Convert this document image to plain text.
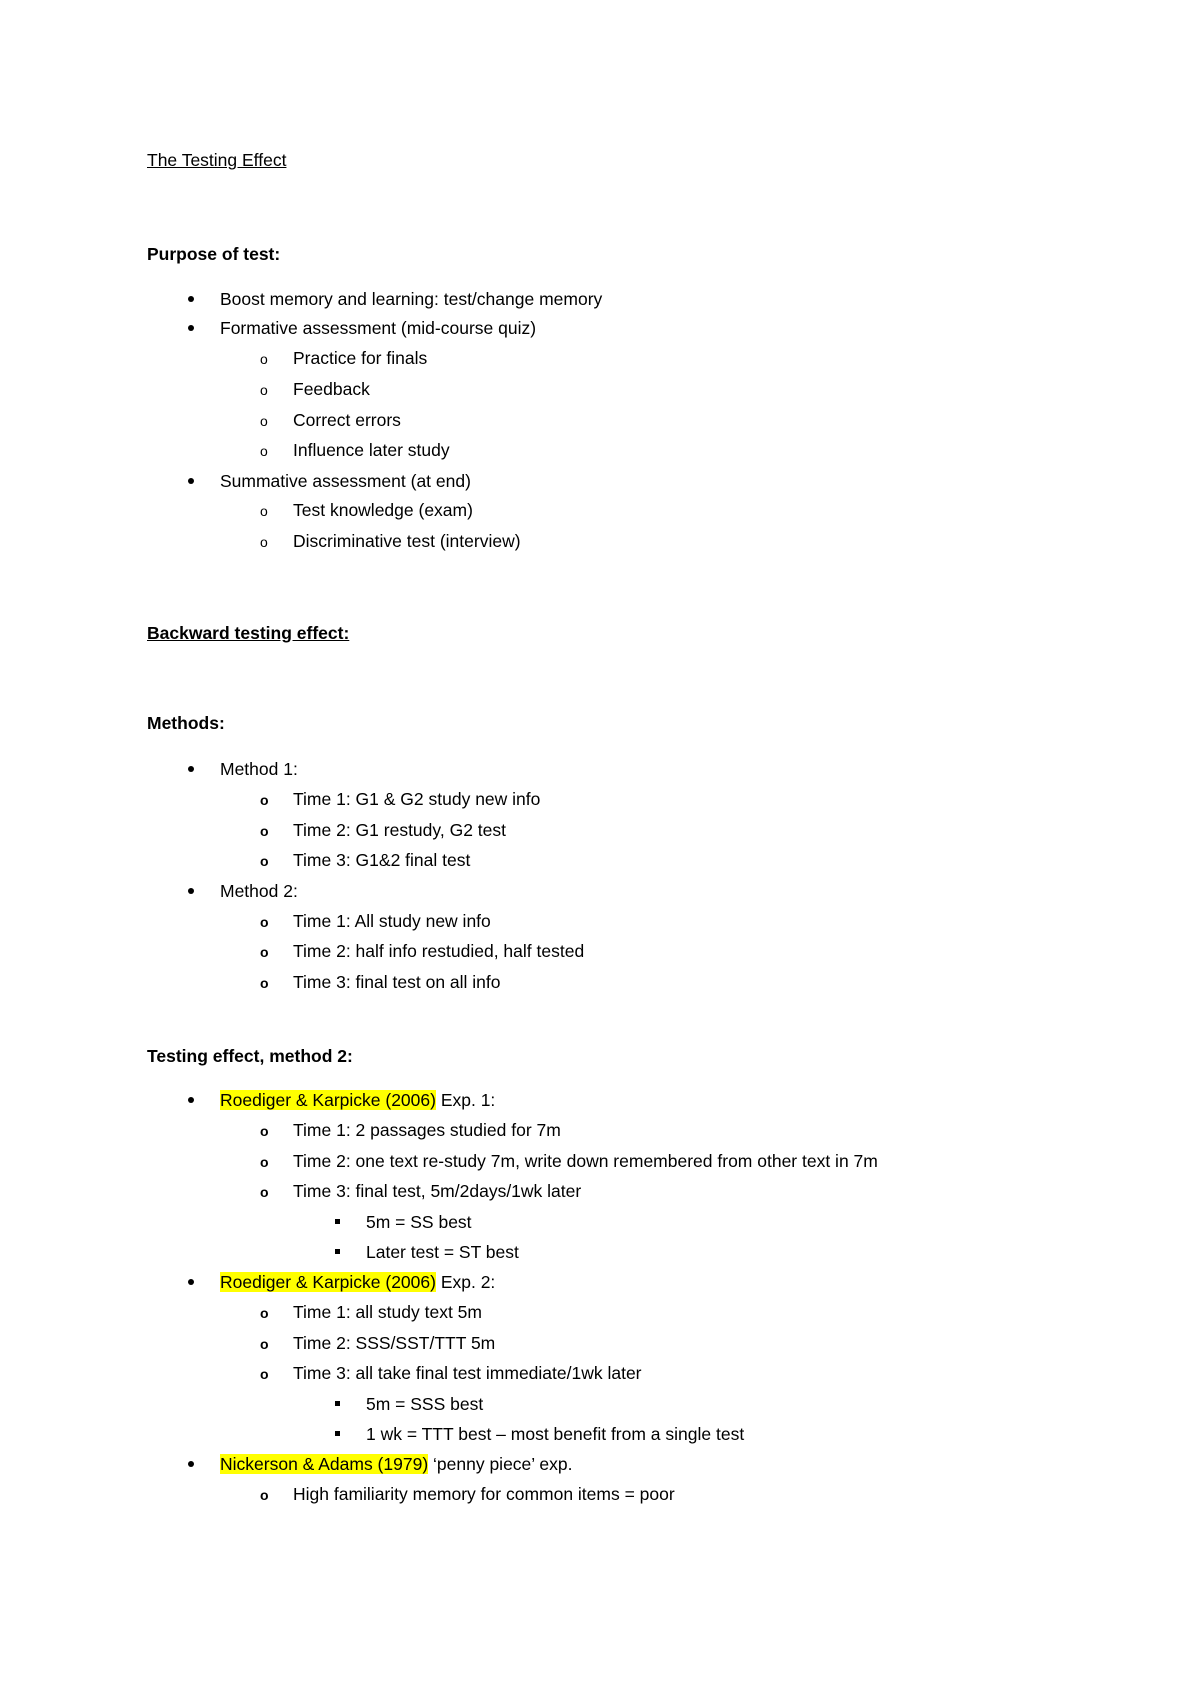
The Testing Effect
Purpose of test:
Boost memory and learning: test/change memory
Formative assessment (mid-course quiz)
o Practice for finals
o Feedback
o Correct errors
o Influence later study
Summative assessment (at end)
o Test knowledge (exam)
o Discriminative test (interview)
Backward testing effect:
Methods:
Method 1:
o Time 1: G1 & G2 study new info
o Time 2: G1 restudy, G2 test
o Time 3: G1&2 final test
Method 2:
o Time 1: All study new info
o Time 2: half info restudied, half tested
o Time 3: final test on all info
Testing effect, method 2:
Roediger & Karpicke (2006) Exp. 1:
o Time 1: 2 passages studied for 7m
o Time 2: one text re-study 7m, write down remembered from other text in 7m
o Time 3: final test, 5m/2days/1wk later
5m = SS best
Later test = ST best
Roediger & Karpicke (2006) Exp. 2:
o Time 1: all study text 5m
o Time 2: SSS/SST/TTT 5m
o Time 3: all take final test immediate/1wk later
5m = SSS best
1 wk = TTT best – most benefit from a single test
Nickerson & Adams (1979) ‘penny piece’ exp.
o High familiarity memory for common items = poor
